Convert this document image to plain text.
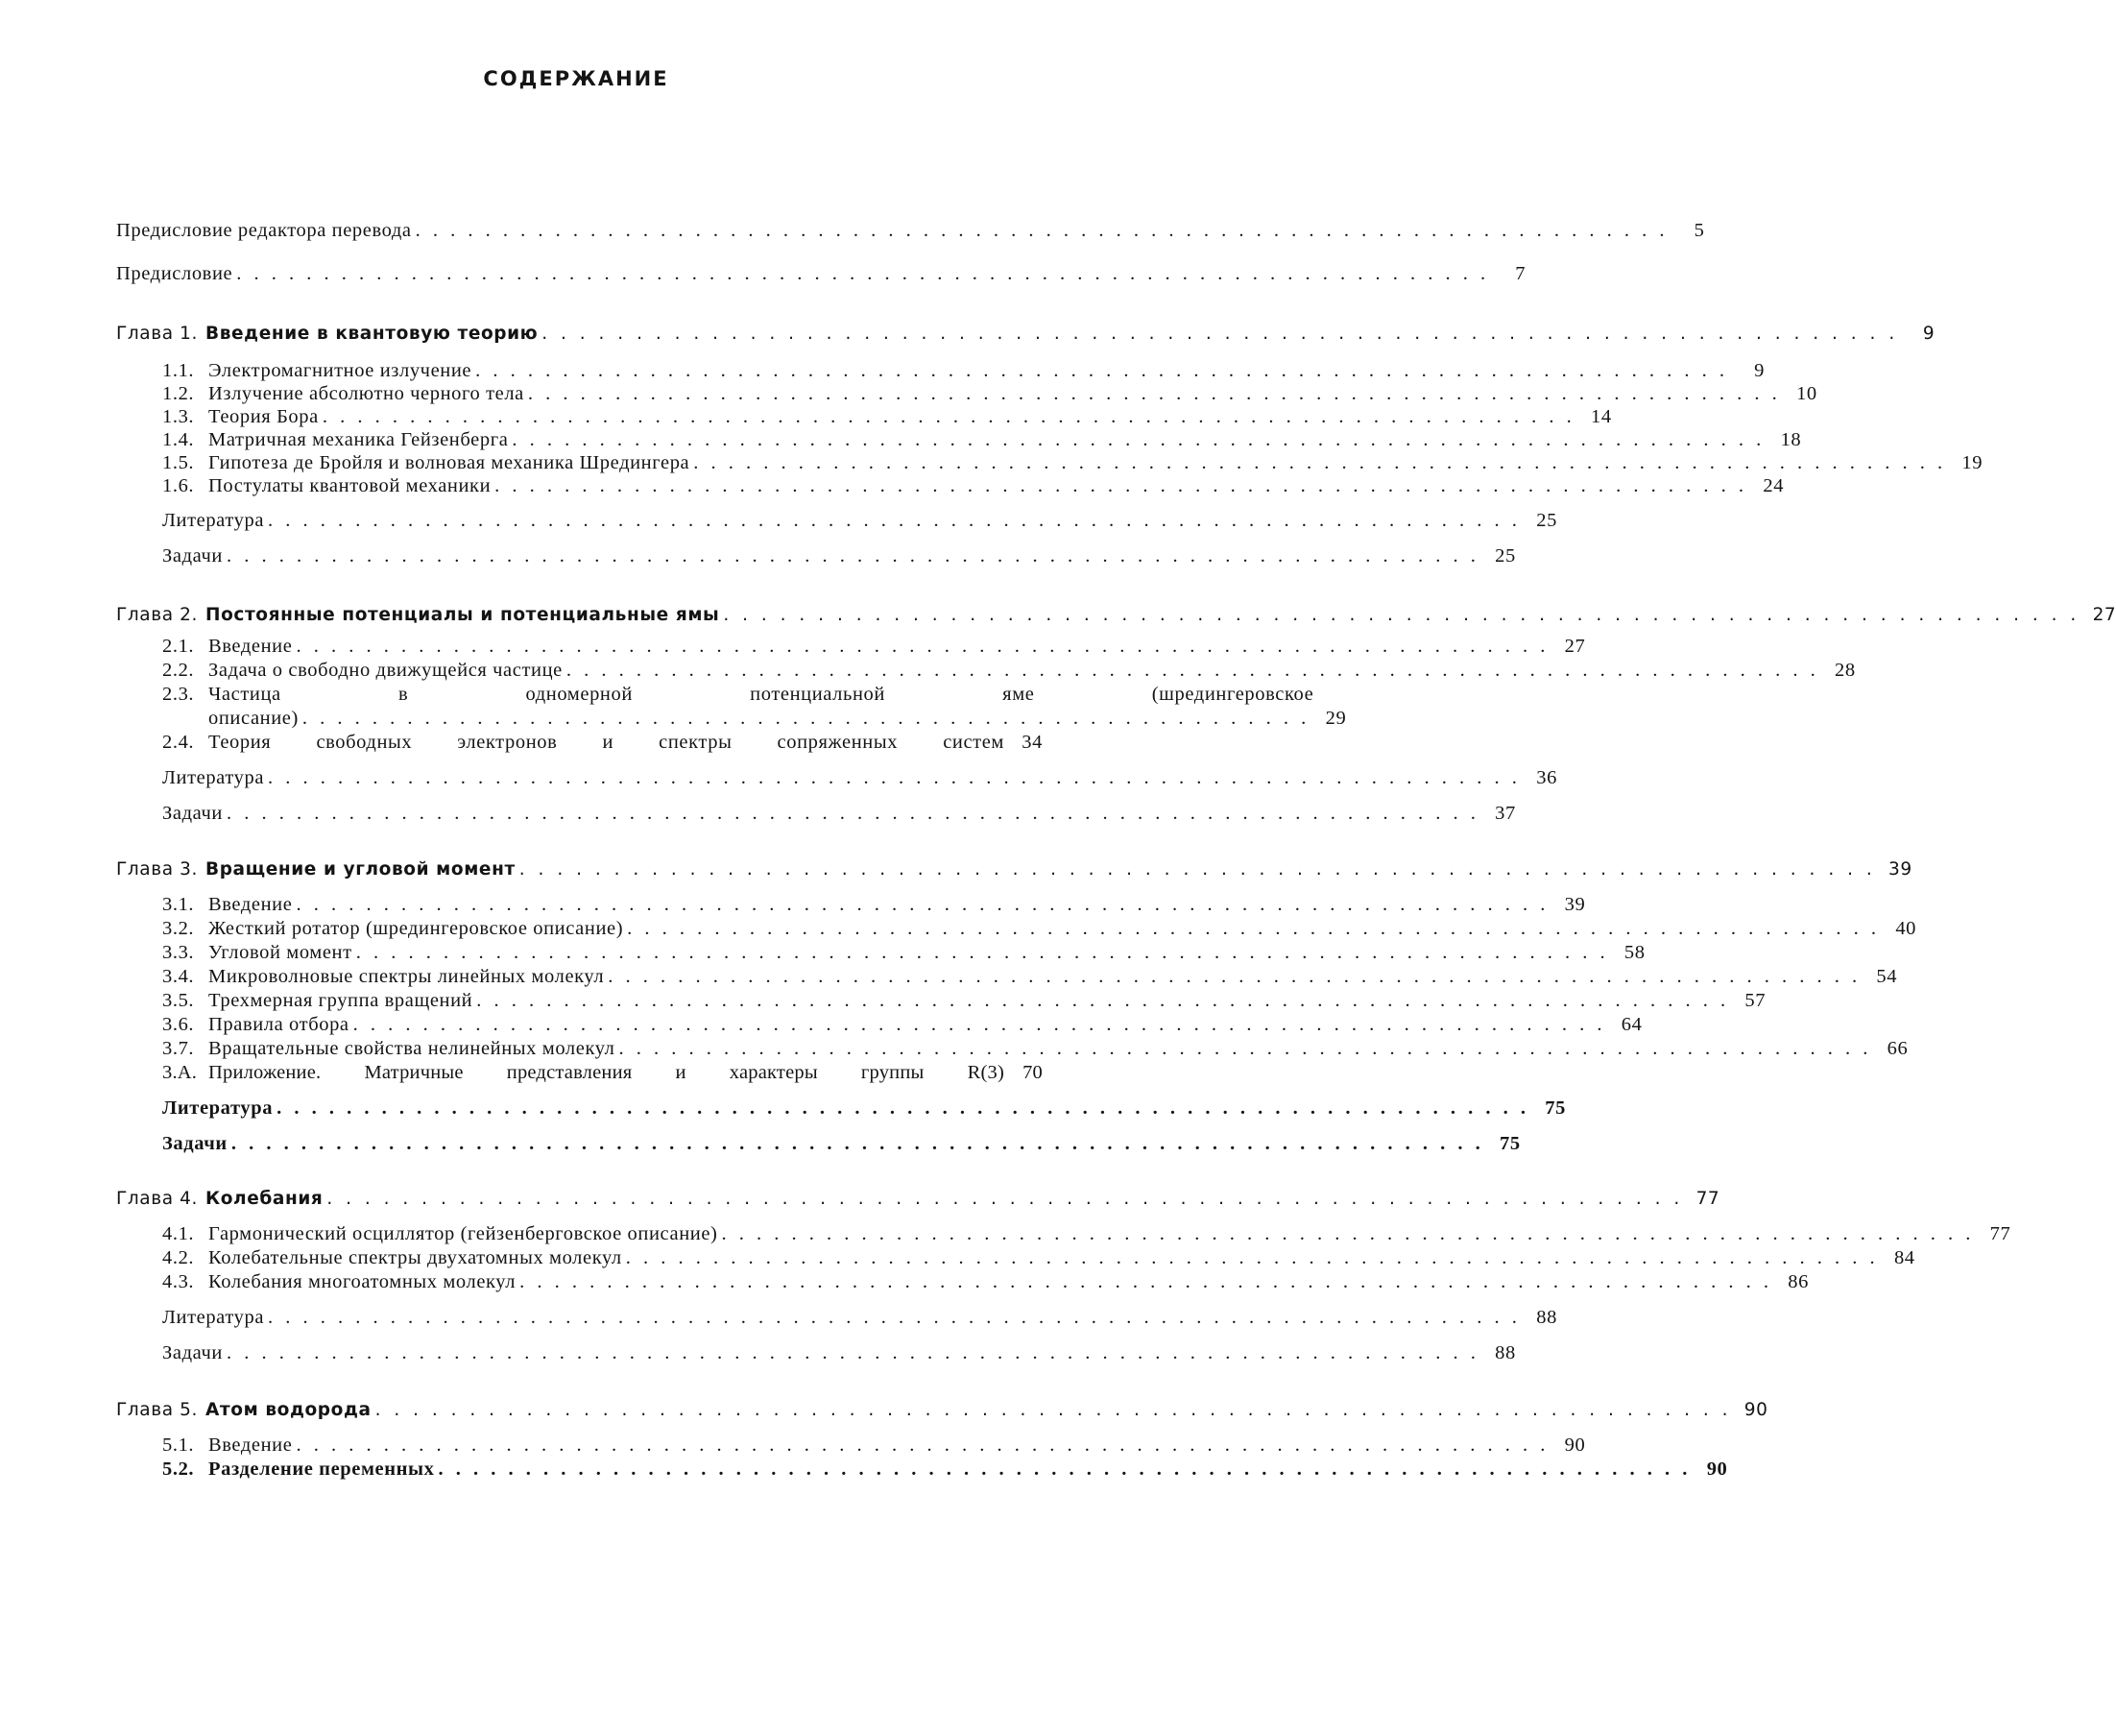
СОДЕРЖАНИЕ
Предисловие редактора перевода . . .	5
Предисловие . . .	7
Глава 1. Введение в квантовую теорию . . .	9
1.1. Электромагнитное излучение . . .	9
1.2. Излучение абсолютно черного тела . . .	10
1.3. Теория Бора . . .	14
1.4. Матричная механика Гейзенберга . . .	18
1.5. Гипотеза де Бройля и волновая механика Шредингера . . .	19
1.6. Постулаты квантовой механики . . .	24
Литература . . .	25
Задачи . . .	25
Глава 2. Постоянные потенциалы и потенциальные ямы . . .	27
2.1. Введение . . .	27
2.2. Задача о свободно движущейся частице . . .	28
2.3. Частица в одномерной потенциальной яме (шредингеровское
описание) . . .	29
2.4. Теория свободных электронов и спектры сопряженных систем 34
Литература . . .	36
Задачи . . .	37
Глава 3. Вращение и угловой момент . . .	39
3.1. Введение . . .	39
3.2. Жесткий ротатор (шредингеровское описание) . . .	40
3.3. Угловой момент . . .	58
3.4. Микроволновые спектры линейных молекул . . .	54
3.5. Трехмерная группа вращений . . .	57
3.6. Правила отбора . . .	64
3.7. Вращательные свойства нелинейных молекул . . .	66
3.А. Приложение. Матричные представления и характеры группы R(3) 70
Литература . . .	75
Задачи . . .	75
Глава 4. Колебания . . .	77
4.1. Гармонический осциллятор (гейзенберговское описание) . . .	77
4.2. Колебательные спектры двухатомных молекул . . .	84
4.3. Колебания многоатомных молекул . . .	86
Литература . . .	88
Задачи . . .	88
Глава 5. Атом водорода . . .	90
5.1. Введение . . .	90
5.2. Разделение переменных . . .	90
